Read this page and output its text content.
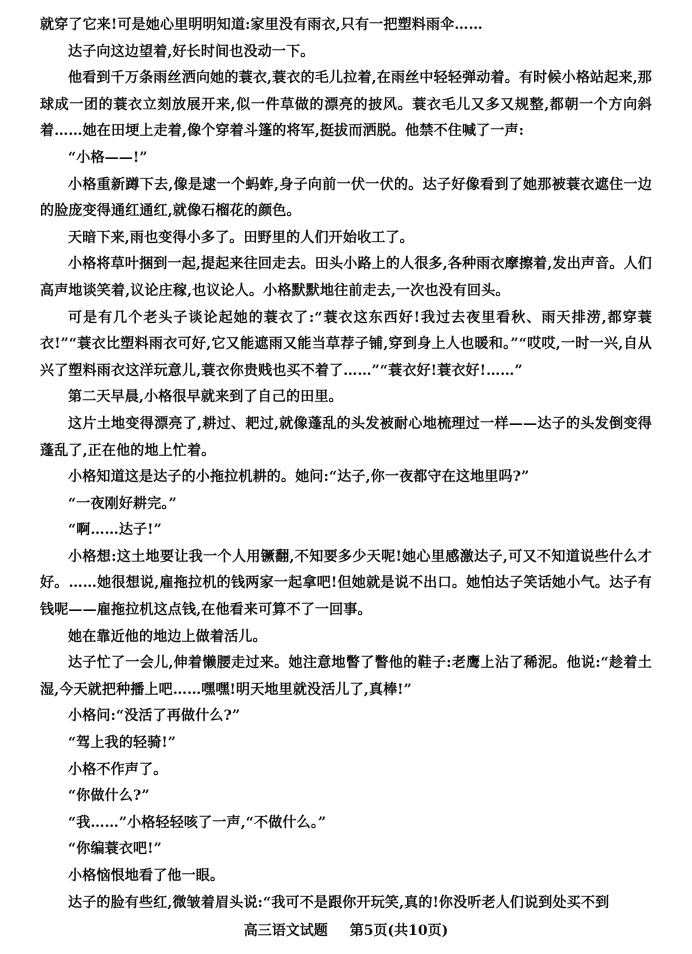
就穿了它来!可是她心里明明知道:家里没有雨衣,只有一把塑料雨伞……

达子向这边望着,好长时间也没动一下。

他看到千万条雨丝洒向她的蓑衣,蓑衣的毛儿拉着,在雨丝中轻轻弹动着。有时候小格站起来,那球成一团的蓑衣立刻放展开来,似一件草做的漂亮的披风。蓑衣毛儿又多又规整,都朝一个方向斜着……她在田埂上走着,像个穿着斗篷的将军,挺拔而洒脱。他禁不住喊了一声:

“小格——!”

小格重新蹲下去,像是逮一个蚂蚱,身子向前一伏一伏的。达子好像看到了她那被蓑衣遮住一边的脸庞变得通红通红,就像石榴花的颜色。

天暗下来,雨也变得小多了。田野里的人们开始收工了。

小格将草叶捆到一起,提起来往回走去。田头小路上的人很多,各种雨衣摩擦着,发出声音。人们高声地谈笑着,议论庄稼,也议论人。小格默默地往前走去,一次也没有回头。

可是有几个老头子谈论起她的蓑衣了:“蓑衣这东西好!我过去夜里看秋、雨天排涝,都穿蓑衣!”“蓑衣比塑料雨衣可好,它又能遮雨又能当草荐子铺,穿到身上人也暖和。”“哎哎,一时一兴,自从兴了塑料雨衣这洋玩意儿,蓑衣你贵贱也买不着了……”“蓑衣好!蓑衣好!……”

第二天早晨,小格很早就来到了自己的田里。

这片土地变得漂亮了,耕过、耙过,就像蓬乱的头发被耐心地梳理过一样——达子的头发倒变得蓬乱了,正在他的地上忙着。

小格知道这是达子的小拖拉机耕的。她问:“达子,你一夜都守在这地里吗?”

“一夜刚好耕完。”

“啊……达子!”

小格想:这土地要让我一个人用镢翻,不知要多少天呢!她心里感激达子,可又不知道说些什么才好。……她很想说,雇拖拉机的钱两家一起拿吧!但她就是说不出口。她怕达子笑话她小气。达子有钱呢——雇拖拉机这点钱,在他看来可算不了一回事。

她在靠近他的地边上做着活儿。

达子忙了一会儿,伸着懒腰走过来。她注意地瞥了瞥他的鞋子:老鹰上沾了稀泥。他说:“趁着土湿,今天就把种播上吧……嘿嘿!明天地里就没活儿了,真棒!”

小格问:“没活了再做什么?”

“驾上我的轻骑!”

小格不作声了。

“你做什么?”

“我……”小格轻轻咳了一声,“不做什么。”

“你编蓑衣吧!”

小格恼恨地看了他一眼。

达子的脸有些红,微皱着眉头说:“我可不是跟你开玩笑,真的!你没听老人们说到处买不到

高三语文试题 第5页(共10页)
